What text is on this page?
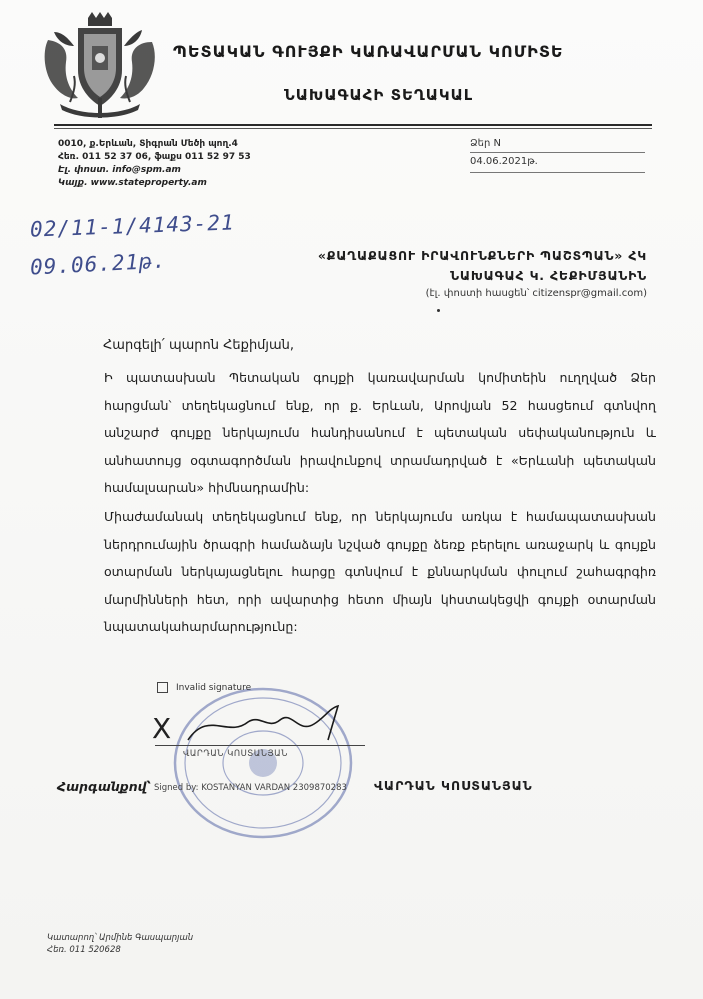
ՊԵՏԱԿԱՆ ԳՈՒՅՔԻ ԿԱՌԱՎԱՐՄԱՆ ԿՈՄԻՏԵ
ՆԱԽԱԳԱՀԻ ՏԵՂԱԿԱԼ
0010, ք.Երևան, Տիգրան Մեծի պող.4
Հեռ. 011 52 37 06, ֆաքս 011 52 97 53
Էլ. փոստ. info@spm.am
Կայք. www.stateproperty.am
Ձեր N
04.06.2021թ.
02/11-1/4143-21
09.06.21թ.	«ՔԱՂԱՔԱՑՈՒ ԻՐԱՎՈՒՆՔՆԵՐԻ ՊԱՇՏՊԱՆ» ՀԿ
ՆԱԽԱԳԱՀ Կ. ՀԵՔԻՄՅԱՆԻՆ
(էլ. փոստի հասցեն՝ citizenspr@gmail.com)
Հարգելի՛ պարոն Հեքիմյան,
Ի պատասխան Պետական գույքի կառավարման կոմիտեին ուղղված Ձեր հարցման՝ տեղեկացնում ենք, որ ք. Երևան, Արովյան 52 հասցեում գտնվող անշարժ գույքը ներկայումս հանդիսանում է պետական սեփականություն և անհատույց օգտագործման իրավունքով տրամադրված է «Երևանի պետական համալսարան» հիմնադրամին:
Միաժամանակ տեղեկացնում ենք, որ ներկայումս առկա է համապատասխան ներդրումային ծրագրի համաձայն նշված գույքը ձեռք բերելու առաջարկ և գույքն օտարման ներկայացնելու հարցը գտնվում է քննարկման փուլում շահագրգիռ մարմինների հետ, որի ավարտից հետո միայն կհստակեցվի գույքի օտարման նպատակահարմարությունը:
Invalid signature
X
ՎԱՐԴԱՆ ԿՈՍՏԱՆՅԱՆ
Հարգանքով՝ Signed by: KOSTANYAN VARDAN 2309870283 ՎԱՐԴԱՆ ԿՈՍՏԱՆՅԱՆ
Կատարող՝ Արմինե Գասպարյան
Հեռ. 011 520628
